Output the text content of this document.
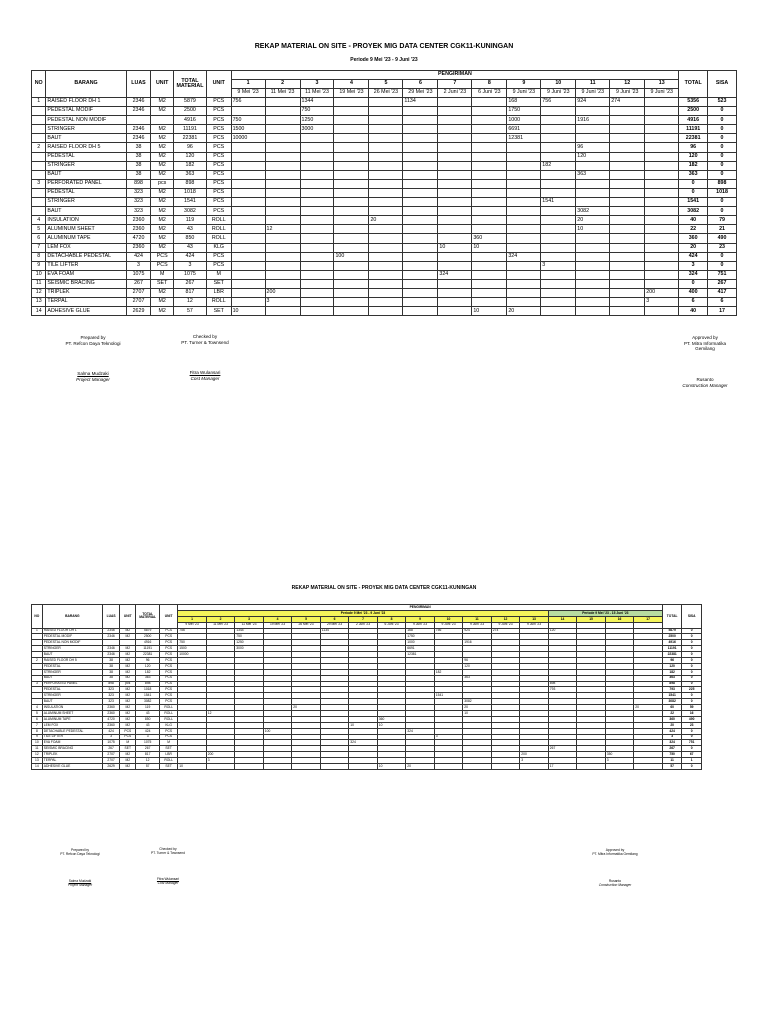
REKAP MATERIAL ON SITE - PROYEK MIG DATA CENTER CGK11-KUNINGAN
Periode 9 Mei '23 - 9 Juni '23
NO	BARANG	LUAS	UNIT	TOTAL MATERIAL	UNIT	PENGIRIMAN													TOTAL	SISA
						1	2	3	4	5	6	7	8	9	10	11	12	13		
						9 Mei '23	11 Mei '23	11 Mei '23	19 Mei '23	26 Mei '23	29 Mei '23	2 Juni '23	6 Juni '23	9 Juni '23	9 Juni '23	9 Juni '23	9 Juni '23	9 Juni '23		
1	RAISED FLOOR DH 1	2346	M2	5879	PCS	756		1344			1134			168	756	924	274		5356	523
	PEDESTAL MODIF	2346	M2	2500	PCS			750						1750					2500	0
	PEDESTAL NON MODIF			4916	PCS	750		1250						1000		1916			4916	0
	STRINGER	2346	M2	11191	PCS	1500		3000						6691					11191	0
	BAUT	2346	M2	22381	PCS	10000								12381					22381	0
2	RAISED FLOOR DH 5	38	M2	96	PCS											96			96	0
	PEDESTAL	38	M2	120	PCS											120			120	0
	STRINGER	38	M2	182	PCS										182				182	0
	BAUT	38	M2	363	PCS											363			363	0
3	PERFORATED PANEL	898	pcs	898	PCS														0	898
	PEDESTAL	323	M2	1018	PCS														0	1018
	STRINGER	323	M2	1541	PCS										1541				1541	0
	BAUT	323	M2	3082	PCS											3082			3082	0
4	INSULATION	2360	M2	119	ROLL					20						20			40	79
5	ALUMINUM SHEET	2360	M2	43	ROLL		12									10			22	21
6	ALUMINUM TAPE	4720	M2	850	ROLL								360						360	490
7	LEM FOX	2360	M2	43	KLG							10	10						20	23
8	DETACHABLE PEDESTAL	424	PCS	424	PCS				100					324					424	0
9	TILE LIFTER	3	PCS	3	PCS										3				3	0
10	EVA FOAM	1075	M	1075	M							324							324	751
11	SEISMIC BRACING	267	SET	267	SET														0	267
12	TRIPLEK	2707	M2	817	LBR		200											200	400	417
13	TERPAL	2707	M2	12	ROLL		3											3	6	6
14	ADHESIVE GLUE	2629	M2	57	SET	10							10	20					40	17
Prepared by
PT. Refcon Daya Teknologi
Salma Mudzaki
Project Manager
Checked by
PT. Turner & Townsend
Fitra Wulansari
Cost Manager
Approved by
PT. Mitra Informatika Gemilang
Rusanto
Construction Manager
REKAP MATERIAL ON SITE - PROYEK MIG DATA CENTER CGK11-KUNINGAN
NO	BARANG	LUAS	UNIT	TOTAL MATERIAL	UNIT	PENGIRIMAN																	TOTAL	SISA
						Periode 9 Mei '23 - 9 Juni '23													Periode 9 Mei '23 - 15 Juni '23					
						1	2	3	4	5	6	7	8	9	10	11	12	13	14	15	16	17		
						9 Mei '23	11 Mei '23	11 Mei '23	19 Mei '23	26 Mei '23	29 Mei '23	2 Juni '23	6 Juni '23	9 Juni '23	9 Juni '23	9 Juni '23	9 Juni '23	9 Juni '23						
1	RAISED FLOOR DH 1	2346	M2	5879	PCS	756		1344			1134			168	756	924	274		120				5879	0
	PEDESTAL MODIF	2346	M2	2500	PCS			750						1750									2500	0
	PEDESTAL NON MODIF			4916	PCS	750		1250						1000		1916							4916	0
	STRINGER	2346	M2	11191	PCS	1500		3000						6691									11191	0
	BAUT	2346	M2	22381	PCS	10000								12381									22381	0
2	RAISED FLOOR DH 5	38	M2	96	PCS											96							96	0
	PEDESTAL	38	M2	120	PCS											120							120	0
	STRINGER	38	M2	182	PCS										182								182	0
	BAUT	38	M2	363	PCS											363							363	0
3	PERFORATED PANEL	898	pcs	898	PCS														898				898	0
	PEDESTAL	323	M2	1018	PCS														793				793	225
	STRINGER	323	M2	1541	PCS										1541								1541	0
	BAUT	323	M2	3082	PCS											3082							3082	0
4	INSULATION	2360	M2	119	ROLL					20						20						20	60	59
5	ALUMINUM SHEET	2360	M2	43	ROLL		12									10							22	16
6	ALUMINUM TAPE	4720	M2	850	ROLL								360										360	490
7	LEM FOX	2360	M2	43	KLG							10	10										20	23
8	DETACHABLE PEDESTAL	424	PCS	424	PCS				100					324									424	0
9	TILE LIFTER	3	PCS	3	PCS										3								3	0
10	EVA FOAM	1075	M	1075	M							324											324	751
11	SEISMIC BRACING	267	SET	267	SET														267				267	0
12	TRIPLEK	2707	M2	817	LBR		200											200			350		750	67
13	TERPAL	2707	M2	12	ROLL		3											3			3		11	1
14	ADHESIVE GLUE	2629	M2	57	SET	10							10	20					17				57	0
Prepared by
PT. Refcon Daya Teknologi
Salma Mudzaki
Project Manager
Checked by
PT. Turner & Townsend
Fitra Wulansari
Cost Manager
Approved by
PT. Mitra Informatika Gemilang
Rusanto
Construction Manager
